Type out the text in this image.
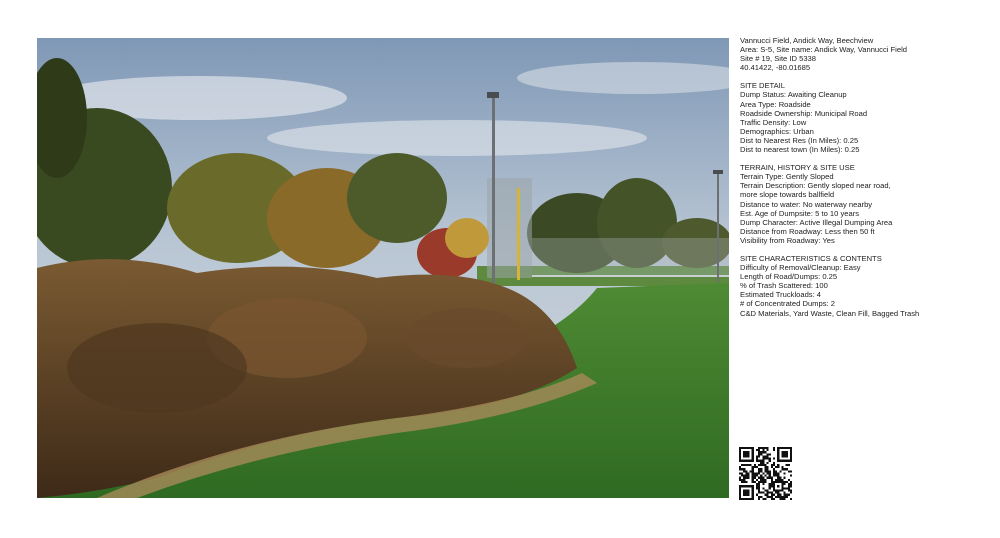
Vannucci Field, Andick Way, Beechview
Area: S-5, Site name: Andick Way, Vannucci Field
Site # 19, Site ID 5338
40.41422, -80.01685
SITE DETAIL
Dump Status: Awaiting Cleanup
Area Type: Roadside
Roadside Ownership: Municipal Road
Traffic Density: Low
Demographics: Urban
Dist to Nearest Res (In Miles): 0.25
Dist to nearest town (In Miles): 0.25
TERRAIN, HISTORY & SITE USE
Terrain Type: Gently Sloped
Terrain Description: Gently sloped near road,
more slope towards ballfield
Distance to water: No waterway nearby
Est. Age of Dumpsite: 5 to 10 years
Dump Character: Active Illegal Dumping Area
Distance from Roadway: Less then 50 ft
Visibility from Roadway: Yes
SITE CHARACTERISTICS & CONTENTS
Difficulty of Removal/Cleanup: Easy
Length of Road/Dumps: 0.25
% of Trash Scattered: 100
Estimated Truckloads: 4
# of Concentrated Dumps: 2
C&D Materials, Yard Waste, Clean Fill, Bagged Trash
